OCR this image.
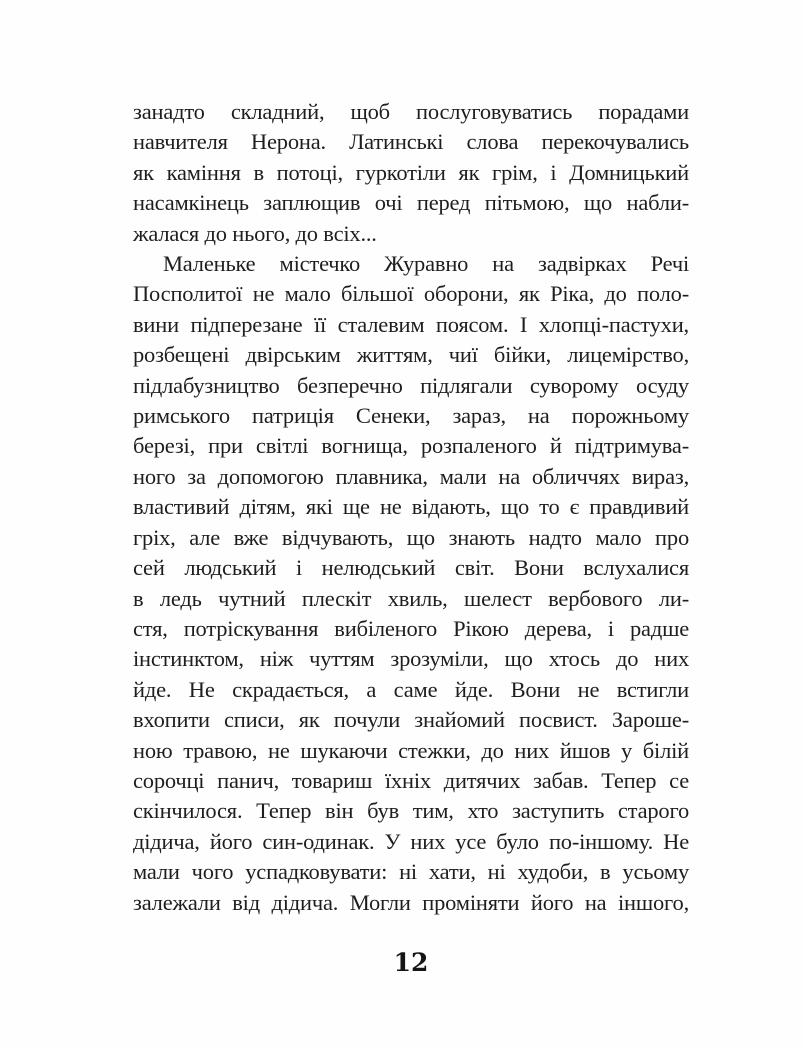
занадто складний, щоб послуговуватись порадами
навчителя Нерона. Латинські слова перекочувались
як каміння в потоці, гуркотіли як грім, і Домницький
насамкінець заплющив очі перед пітьмою, що набли-
жалася до нього, до всіх...
Маленьке містечко Журавно на задвірках Речі
Посполитої не мало більшої оборони, як Ріка, до поло-
вини підперезане її сталевим поясом. І хлопці-пастухи,
розбещені двірським життям, чиї бійки, лицемірство,
підлабузництво безперечно підлягали суворому осуду
римського патриція Сенеки, зараз, на порожньому
березі, при світлі вогнища, розпаленого й підтримува-
ного за допомогою плавника, мали на обличчях вираз,
властивий дітям, які ще не відають, що то є правдивий
гріх, але вже відчувають, що знають надто мало про
сей людський і нелюдський світ. Вони вслухалися
в ледь чутний плескіт хвиль, шелест вербового ли-
стя, потріскування вибіленого Рікою дерева, і радше
інстинктом, ніж чуттям зрозуміли, що хтось до них
йде. Не скрадається, а саме йде. Вони не встигли
вхопити списи, як почули знайомий посвист. Зароше-
ною травою, не шукаючи стежки, до них йшов у білій
сорочці панич, товариш їхніх дитячих забав. Тепер се
скінчилося. Тепер він був тим, хто заступить старого
дідича, його син-одинак. У них усе було по-іншому. Не
мали чого успадковувати: ні хати, ні худоби, в усьому
залежали від дідича. Могли проміняти його на іншого,
12
